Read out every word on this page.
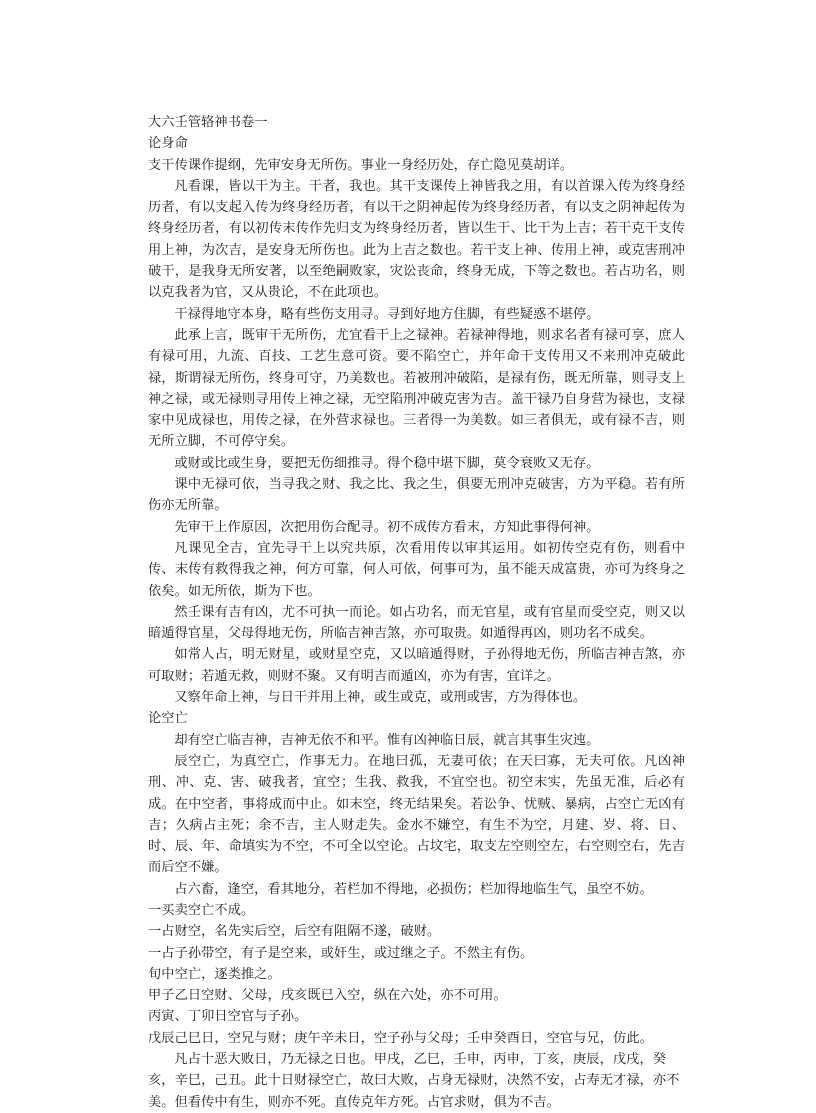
大六壬管辂神书卷一

论身命

支干传课作提纲，先审安身无所伤。事业一身经历处，存亡隐见莫胡详。

凡看课，皆以干为主。干者，我也。其干支课传上神皆我之用，有以首课入传为终身经历者，有以支起入传为终身经历者，有以干之阴神起传为终身经历者，有以支之阴神起传为终身经历者，有以初传末传作先归支为终身经历者，皆以生干、比干为上吉；若干克干支传用上神，为次吉，是安身无所伤也。此为上吉之数也。若干支上神、传用上神，或克害刑冲破干，是我身无所安著，以至绝嗣败家，灾讼丧命，终身无成，下等之数也。若占功名，则以克我者为官，又从贵论，不在此项也。

干禄得地守本身，略有些伤支用寻。寻到好地方住脚，有些疑惑不堪停。

此承上言，既审干无所伤，尤宜看干上之禄神。若禄神得地，则求名者有禄可享，庶人有禄可用，九流、百技、工艺生意可资。要不陷空亡，并年命干支传用又不来刑冲克破此禄，斯谓禄无所伤，终身可守，乃美数也。若被刑冲破陷，是禄有伤，既无所靠，则寻支上神之禄，或无禄则寻用传上神之禄，无空陷刑冲破克害为吉。盖干禄乃自身营为禄也，支禄家中见成禄也，用传之禄，在外营求禄也。三者得一为美数。如三者俱无，或有禄不吉，则无所立脚，不可停守矣。

或财或比或生身，要把无伤细推寻。得个稳中堪下脚，莫令衰败又无存。

课中无禄可依，当寻我之财、我之比、我之生，俱要无刑冲克破害，方为平稳。若有所伤亦无所靠。

先审干上作原因，次把用伤合配寻。初不成传方看末，方知此事得何神。

凡课见全吉，宜先寻干上以究共原，次看用传以审其运用。如初传空克有伤，则看中传、末传有救得我之神，何方可靠，何人可依，何事可为，虽不能天成富贵，亦可为终身之依矣。如无所依，斯为下也。

然壬课有吉有凶，尤不可执一而论。如占功名，而无官星，或有官星而受空克，则又以暗遁得官星，父母得地无伤，所临吉神吉煞，亦可取贵。如遁得再凶，则功名不成矣。

如常人占，明无财星，或财星空克，又以暗遁得财，子孙得地无伤，所临吉神吉煞，亦可取财；若遁无救，则财不聚。又有明吉而遁凶，亦为有害，宜详之。

又察年命上神，与日干并用上神，或生或克，或刑或害，方为得体也。

论空亡

却有空亡临吉神，吉神无依不和平。惟有凶神临日辰，就言其事生灾迍。

辰空亡，为真空亡，作事无力。在地曰孤，无妻可依；在天曰寡，无夫可依。凡凶神刑、冲、克、害、破我者，宜空；生我、救我，不宜空也。初空末实，先虽无准，后必有成。在中空者，事将成而中止。如末空，终无结果矣。若讼争、忧贼、暴病，占空亡无凶有吉；久病占主死；余不吉，主人财走失。金水不嫌空，有生不为空，月建、岁、将、日、时、辰、年、命填实为不空，不可全以空论。占坟宅，取支左空则空左，右空则空右，先吉而后空不嫌。

占六畜，逢空，看其地分，若栏加不得地，必损伤；栏加得地临生气，虽空不妨。

一买卖空亡不成。

一占财空，名先实后空，后空有阻隔不遂，破财。

一占子孙带空，有子是空来，或奸生，或过继之子。不然主有伤。

旬中空亡，逐类推之。

甲子乙日空财、父母，戌亥既已入空，纵在六处，亦不可用。

丙寅、丁卯日空官与子孙。

戊辰己巳日，空兄与财；庚午辛未日，空子孙与父母；壬申癸酉日，空官与兄，仿此。

凡占十恶大败日，乃无禄之日也。甲戌，乙巳，壬申，丙申，丁亥，庚辰，戊戌，癸亥，辛巳，己丑。此十日财禄空亡，故曰大败，占身无禄财，决然不安，占寿无才禄，亦不美。但看传中有生，则亦不死。直传克年方死。占官求财，俱为不吉。
